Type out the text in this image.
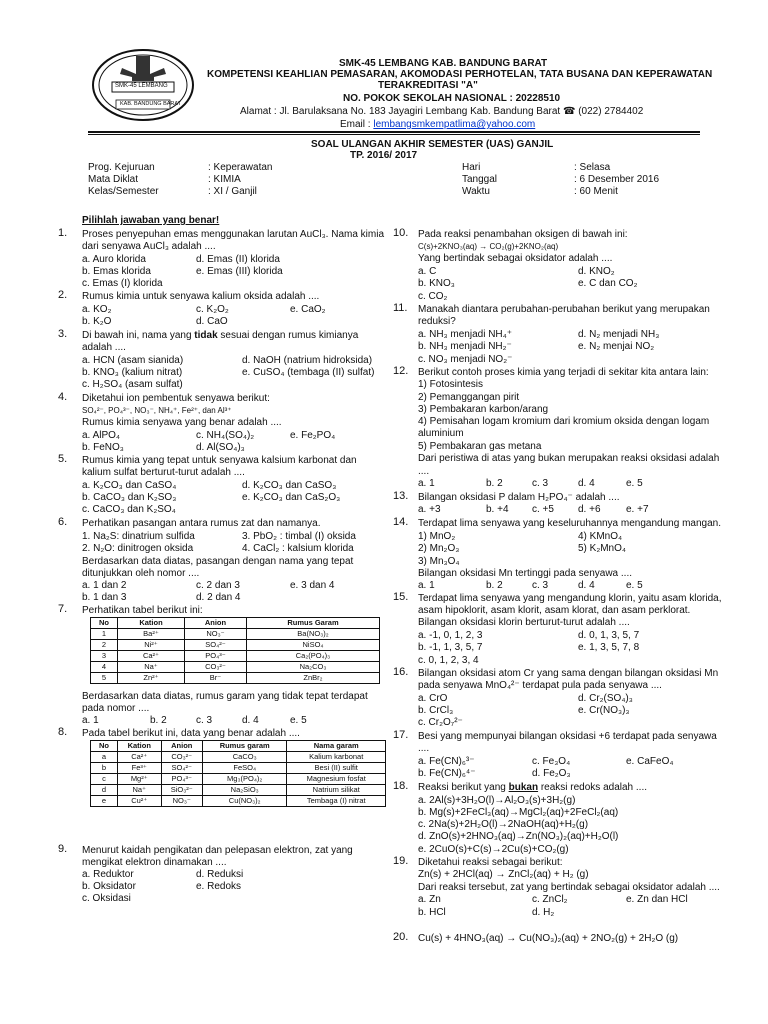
SMK-45 LEMBANG
KAB. BANDUNG BARAT
SMK-45 LEMBANG KAB. BANDUNG BARAT
KOMPETENSI KEAHLIAN PEMASARAN, AKOMODASI PERHOTELAN, TATA BUSANA DAN KEPERAWATAN
TERAKREDITASI "A"
NO. POKOK SEKOLAH NASIONAL : 20228510
Alamat : Jl. Barulaksana No. 183 Jayagiri Lembang Kab. Bandung Barat ☎ (022) 2784402
Email : lembangsmkempatlima@yahoo.com
SOAL ULANGAN AKHIR SEMESTER (UAS) GANJIL
TP. 2016/ 2017
Prog. Kejuruan	: Keperawatan
Mata Diklat	: KIMIA
Kelas/Semester	: XI / Ganjil
Hari	: Selasa
Tanggal	: 6 Desember 2016
Waktu	: 60 Menit
Pilihlah jawaban yang benar!
1. Proses penyepuhan emas menggunakan larutan AuCl₃. Nama kimia
dari senyawa AuCl₃ adalah ....
a. Auro klorida	d. Emas (II) klorida
b. Emas klorida	e. Emas (III) klorida
c. Emas (I) klorida
2. Rumus kimia untuk senyawa kalium oksida adalah ....
a. KO₂	c. K₂O₂	e. CaO₂
b. K₂O	d. CaO
3. Di bawah ini, nama yang tidak sesuai dengan rumus kimianya
adalah ....
a. HCN (asam sianida)	d. NaOH (natrium hidroksida)
b. KNO₃ (kalium nitrat)	e. CuSO₄ (tembaga (II) sulfat)
c. H₂SO₄ (asam sulfat)
4. Diketahui ion pembentuk senyawa berikut:
SO₄²⁻, PO₄³⁻, NO₃⁻, NH₄⁺, Fe²⁺, dan Al³⁺
Rumus kimia senyawa yang benar adalah ....
a. AlPO₄	c. NH₄(SO₄)₂	e. Fe₂PO₄
b. FeNO₃	d. Al(SO₄)₃
5. Rumus kimia yang tepat untuk senyawa kalsium karbonat dan
kalium sulfat berturut-turut adalah ....
a. K₂CO₃ dan CaSO₄	d. K₂CO₃ dan CaSO₃
b. CaCO₃ dan K₂SO₃	e. K₂CO₃ dan CaS₂O₃
c. CaCO₃ dan K₂SO₄
6. Perhatikan pasangan antara rumus zat dan namanya.
1. Na₂S: dinatrium sulfida	3. PbO₂ : timbal (I) oksida
2. N₂O: dinitrogen oksida	4. CaCl₂ : kalsium klorida
Berdasarkan data diatas, pasangan dengan nama yang tepat
ditunjukkan oleh nomor ....
a. 1 dan 2	c. 2 dan 3	e. 3 dan 4
b. 1 dan 3	d. 2 dan 4
7. Perhatikan tabel berikut ini:
No	Kation	Anion	Rumus Garam
1	Ba²⁺	NO₃⁻	Ba(NO₃)₂
2	Ni²⁺	SO₄²⁻	NiSO₄
3	Ca²⁺	PO₄³⁻	Ca₂(PO₄)₃
4	Na⁺	CO₃²⁻	Na₂CO₃
5	Zn²⁺	Br⁻	ZnBr₂
Berdasarkan data diatas, rumus garam yang tidak tepat terdapat
pada nomor ....
a. 1	b. 2	c. 3	d. 4	e. 5
8. Pada tabel berikut ini, data yang benar adalah ....
No	Kation	Anion	Rumus garam	Nama garam
a	Ca²⁺	CO₃²⁻	CaCO₃	Kalium karbonat
b	Fe³⁺	SO₄²⁻	FeSO₄	Besi (II) sulfit
c	Mg²⁺	PO₄³⁻	Mg₃(PO₄)₂	Magnesium fosfat
d	Na⁺	SiO₃²⁻	Na₂SiO₃	Natrium silikat
e	Cu²⁺	NO₃⁻	Cu(NO₃)₂	Tembaga (I) nitrat
9. Menurut kaidah pengikatan dan pelepasan elektron, zat yang
mengikat elektron dinamakan ....
a. Reduktor	d. Reduksi
b. Oksidator	e. Redoks
c. Oksidasi
10. Pada reaksi penambahan oksigen di bawah ini:
C(s)+2KNO₃(aq) → CO₂(g)+2KNO₂(aq)
Yang bertindak sebagai oksidator adalah ....
a. C	d. KNO₂
b. KNO₃	e. C dan CO₂
c. CO₂
11. Manakah diantara perubahan-perubahan berikut yang merupakan
reduksi?
a. NH₃ menjadi NH₄⁺	d. N₂ menjadi NH₃
b. NH₃ menjadi NH₂⁻	e. N₂ menjai NO₂
c. NO₃ menjadi NO₂⁻
12. Berikut contoh proses kimia yang terjadi di sekitar kita antara lain:
1) Fotosintesis
2) Pemanggangan pirit
3) Pembakaran karbon/arang
4) Pemisahan logam kromium dari kromium oksida dengan logam
aluminium
5) Pembakaran gas metana
Dari peristiwa di atas yang bukan merupakan reaksi oksidasi adalah
....
a. 1	b. 2	c. 3	d. 4	e. 5
13. Bilangan oksidasi P dalam H₂PO₄⁻ adalah ....
a. +3	b. +4 c. +5 d. +6	e. +7
14. Terdapat lima senyawa yang keseluruhannya mengandung mangan.
1) MnO₂	4) KMnO₄
2) Mn₂O₃	5) K₂MnO₄
3) Mn₃O₄
Bilangan oksidasi Mn tertinggi pada senyawa ....
a. 1	b. 2	c. 3	d. 4	e. 5
15. Terdapat lima senyawa yang mengandung klorin, yaitu asam klorida,
asam hipoklorit, asam klorit, asam klorat, dan asam perklorat.
Bilangan oksidasi klorin berturut-turut adalah ....
a. -1, 0, 1, 2, 3	d. 0, 1, 3, 5, 7
b. -1, 1, 3, 5, 7	e. 1, 3, 5, 7, 8
c. 0, 1, 2, 3, 4
16. Bilangan oksidasi atom Cr yang sama dengan bilangan oksidasi Mn
pada senyawa MnO₄²⁻ terdapat pula pada senyawa ....
a. CrO	d. Cr₂(SO₄)₃
b. CrCl₃	e. Cr(NO₃)₃
c. Cr₂O₇²⁻
17. Besi yang mempunyai bilangan oksidasi +6 terdapat pada senyawa
....
a. Fe(CN)₆³⁻	c. Fe₃O₄	e. CaFeO₄
b. Fe(CN)₆⁴⁻	d. Fe₂O₃
18. Reaksi berikut yang bukan reaksi redoks adalah ....
a. 2Al(s)+3H₂O(l)→Al₂O₃(s)+3H₂(g)
b. Mg(s)+2FeCl₃(aq)→MgCl₂(aq)+2FeCl₂(aq)
c. 2Na(s)+2H₂O(l)→2NaOH(aq)+H₂(g)
d. ZnO(s)+2HNO₃(aq)→Zn(NO₃)₂(aq)+H₂O(l)
e. 2CuO(s)+C(s)→2Cu(s)+CO₂(g)
19. Diketahui reaksi sebagai berikut:
Zn(s) + 2HCl(aq) → ZnCl₂(aq) + H₂ (g)
Dari reaksi tersebut, zat yang bertindak sebagai oksidator adalah ....
a. Zn	c. ZnCl₂	e. Zn dan HCl
b. HCl	d. H₂
20. Cu(s) + 4HNO₃(aq) → Cu(NO₃)₂(aq) + 2NO₂(g) + 2H₂O (g)
